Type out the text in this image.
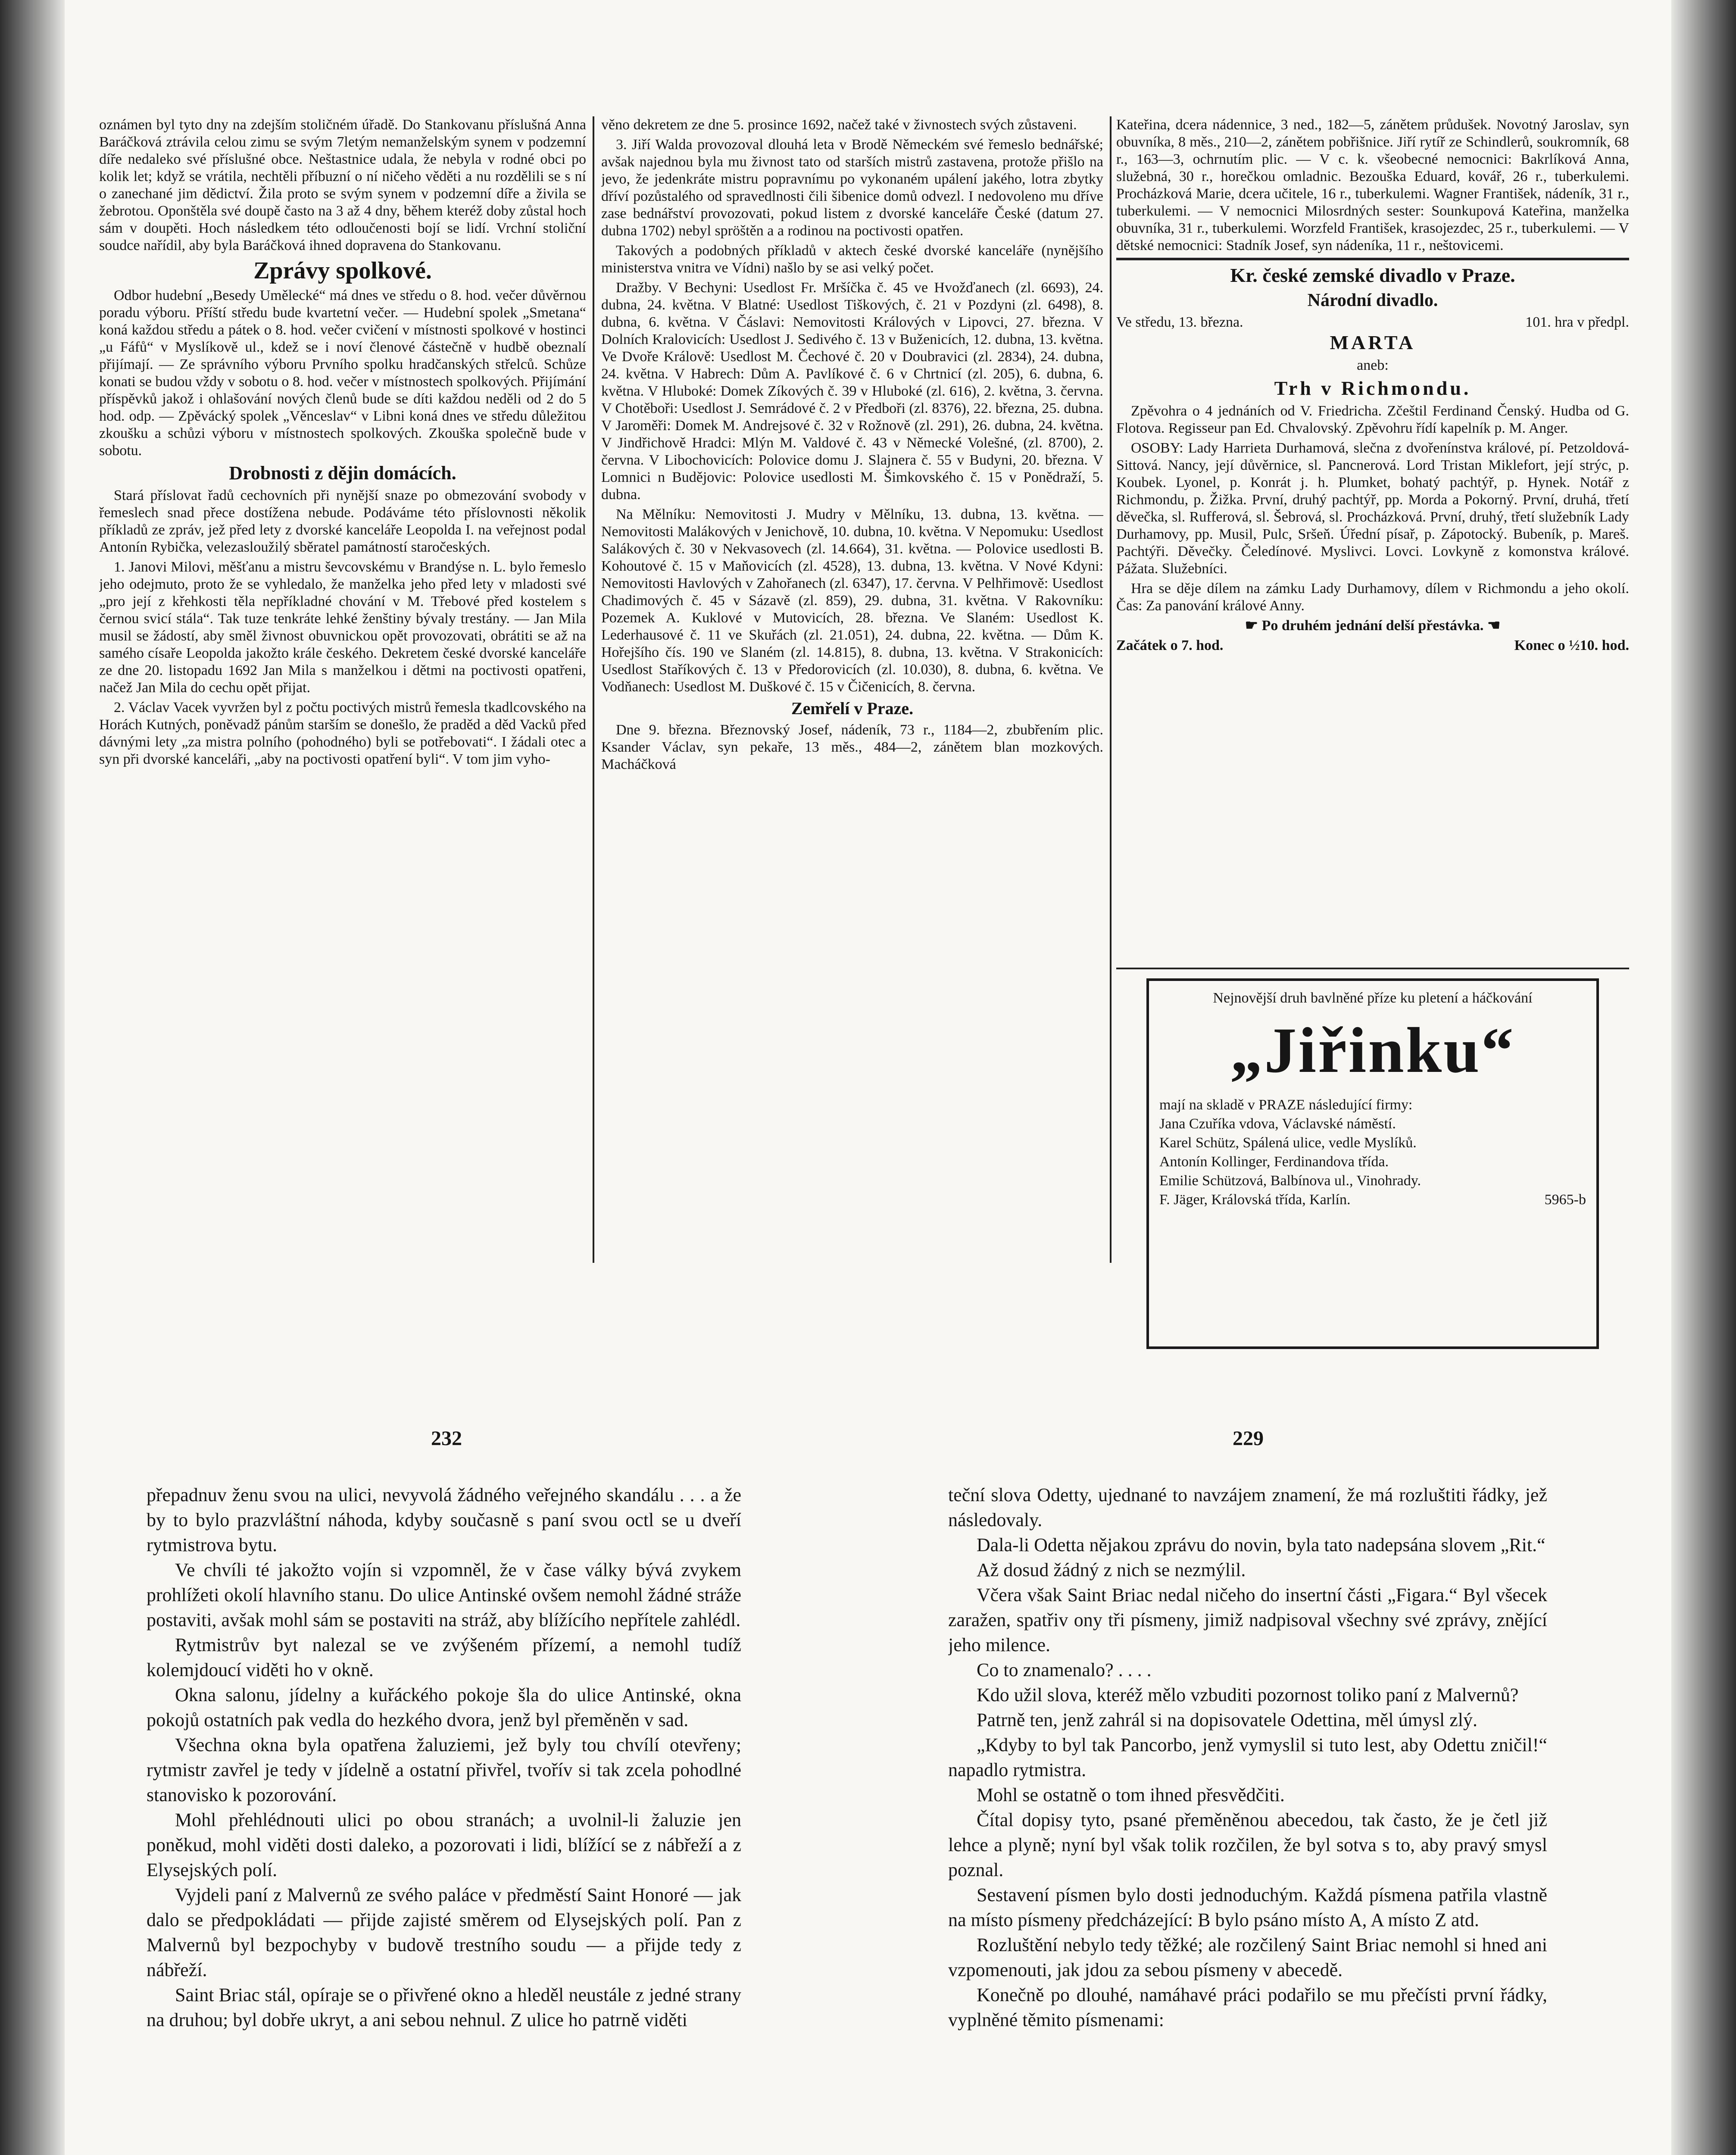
oznámen byl tyto dny na zdejším stoličném úřadě. Do Stankovanu příslušná Anna Baráčková ztrávila celou zimu se svým 7letým nemanželským synem v podzemní díře nedaleko své příslušné obce. Neštastnice udala, že nebyla v rodné obci po kolik let; když se vrátila, nechtěli příbuzní o ní ničeho věděti a nu rozdělili se s ní o zanechané jim dědictví. Žila proto se svým synem v podzemní díře a živila se žebrotou. Oponštěla své doupě často na 3 až 4 dny, během kteréž doby zůstal hoch sám v doupěti. Hoch následkem této odloučenosti bojí se lidí. Vrchní stoliční soudce nařídil, aby byla Baráčková ihned dopravena do Stankovanu.

Zprávy spolkové.

Odbor hudební „Besedy Umělecké“ má dnes ve středu o 8. hod. večer důvěrnou poradu výboru. Příští středu bude kvartetní večer. — Hudební spolek „Smetana“ koná každou středu a pátek o 8. hod. večer cvičení v místnosti spolkové v hostinci „u Fáfů“ v Myslíkově ul., kdež se i noví členové částečně v hudbě obeznalí přijímají. — Ze správního výboru Prvního spolku hradčanských střelců. Schůze konati se budou vždy v sobotu o 8. hod. večer v místnostech spolkových. Přijímání příspěvků jakož i ohlašování nových členů bude se díti každou neděli od 2 do 5 hod. odp. — Zpěvácký spolek „Věnceslav“ v Libni koná dnes ve středu důležitou zkoušku a schůzi výboru v místnostech spolkových. Zkouška společně bude v sobotu.

Drobnosti z dějin domácích.

Stará příslovat řadů cechovních při nynější snaze po obmezování svobody v řemeslech snad přece dostížena nebude. Podáváme této příslovnosti několik příkladů ze zpráv, jež před lety z dvorské kanceláře Leopolda I. na veřejnost podal Antonín Rybička, velezasloužilý sběratel památností staročeských.

1. Janovi Milovi, měšťanu a mistru ševcovskému v Brandýse n. L. bylo řemeslo jeho odejmuto, proto že se vyhledalo, že manželka jeho před lety v mladosti své „pro její z křehkosti těla nepříkladné chování v M. Třebové před kostelem s černou svicí stála“. Tak tuze tenkráte lehké ženštiny bývaly trestány. — Jan Mila musil se žádostí, aby směl živnost obuvnickou opět provozovati, obrátiti se až na samého císaře Leopolda jakožto krále českého. Dekretem české dvorské kanceláře ze dne 20. listopadu 1692 Jan Mila s manželkou i dětmi na poctivosti opatřeni, načež Jan Mila do cechu opět přijat.

2. Václav Vacek vyvržen byl z počtu poctivých mistrů řemesla tkadlcovského na Horách Kutných, poněvadž pánům starším se donešlo, že praděd a děd Vacků před dávnými lety „za mistra polního (pohodného) byli se potřebovati“. I žádali otec a syn při dvorské kanceláři, „aby na poctivosti opatření byli“. V tom jim vyho-

věno dekretem ze dne 5. prosince 1692, načež také v živnostech svých zůstaveni.

3. Jiří Walda provozoval dlouhá leta v Brodě Německém své řemeslo bednářské; avšak najednou byla mu živnost tato od starších mistrů zastavena, protože přišlo na jevo, že jedenkráte mistru popravnímu po vykonaném upálení jakého, lotra zbytky dříví pozůstalého od spravedlnosti čili šibenice domů odvezl. I nedovoleno mu dříve zase bednářství provozovati, pokud listem z dvorské kanceláře České (datum 27. dubna 1702) nebyl spröštěn a a rodinou na poctivosti opatřen.

Takových a podobných příkladů v aktech české dvorské kanceláře (nynějšího ministerstva vnitra ve Vídni) našlo by se asi velký počet.

Dražby. V Bechyni: Usedlost Fr. Mršíčka č. 45 ve Hvožďanech (zl. 6693), 24. dubna, 24. května. V Blatné: Usedlost Tiškových, č. 21 v Pozdyni (zl. 6498), 8. dubna, 6. května. V Čáslavi: Nemovitosti Králových v Lipovci, 27. března. V Dolních Kralovicích: Usedlost J. Sedivého č. 13 v Buženicích, 12. dubna, 13. května. Ve Dvoře Králově: Usedlost M. Čechové č. 20 v Doubravici (zl. 2834), 24. dubna, 24. května. V Habrech: Dům A. Pavlíkové č. 6 v Chrtnicí (zl. 205), 6. dubna, 6. května. V Hluboké: Domek Zíkových č. 39 v Hluboké (zl. 616), 2. května, 3. června. V Chotěboři: Usedlost J. Semrádové č. 2 v Předboři (zl. 8376), 22. března, 25. dubna. V Jaroměři: Domek M. Andrejsové č. 32 v Rožnově (zl. 291), 26. dubna, 24. května. V Jindřichově Hradci: Mlýn M. Valdové č. 43 v Německé Volešné, (zl. 8700), 2. června. V Libochovicích: Polovice domu J. Slajnera č. 55 v Budyni, 20. března. V Lomnici n Budějovic: Polovice usedlosti M. Šimkovského č. 15 v Ponědraží, 5. dubna.

Na Mělníku: Nemovitosti J. Mudry v Mělníku, 13. dubna, 13. května. — Nemovitosti Malákových v Jenichově, 10. dubna, 10. května. V Nepomuku: Usedlost Salákových č. 30 v Nekvasovech (zl. 14.664), 31. května. — Polovice usedlosti B. Kohoutové č. 15 v Maňovicích (zl. 4528), 13. dubna, 13. května. V Nové Kdyni: Nemovitosti Havlových v Zahořanech (zl. 6347), 17. června. V Pelhřimově: Usedlost Chadimových č. 45 v Sázavě (zl. 859), 29. dubna, 31. května. V Rakovníku: Pozemek A. Kuklové v Mutovicích, 28. března. Ve Slaném: Usedlost K. Lederhausové č. 11 ve Skuřách (zl. 21.051), 24. dubna, 22. května. — Dům K. Hořejšího čís. 190 ve Slaném (zl. 14.815), 8. dubna, 13. května. V Strakonicích: Usedlost Staříkových č. 13 v Předorovicích (zl. 10.030), 8. dubna, 6. května. Ve Vodňanech: Usedlost M. Duškové č. 15 v Čičenicích, 8. června.

Zemřelí v Praze.

Dne 9. března. Březnovský Josef, nádeník, 73 r., 1184—2, zbubřením plic. Ksander Václav, syn pekaře, 13 měs., 484—2, zánětem blan mozkových. Macháčková

Kateřina, dcera nádennice, 3 ned., 182—5, zánětem průdušek. Novotný Jaroslav, syn obuvníka, 8 měs., 210—2, zánětem pobřišnice. Jiří rytíř ze Schindlerů, soukromník, 68 r., 163—3, ochrnutím plic. — V c. k. všeobecné nemocnici: Bakrlíková Anna, služebná, 30 r., horečkou omladnic. Bezouška Eduard, kovář, 26 r., tuberkulemi. Procházková Marie, dcera učitele, 16 r., tuberkulemi. Wagner František, nádeník, 31 r., tuberkulemi. — V nemocnici Milosrdných sester: Sounkupová Kateřina, manželka obuvníka, 31 r., tuberkulemi. Worzfeld František, krasojezdec, 25 r., tuberkulemi. — V dětské nemocnici: Stadník Josef, syn nádeníka, 11 r., neštovicemi.

Kr. české zemské divadlo v Praze.

Národní divadlo.

Ve středu, 13. března.	101. hra v předpl.

MARTA

aneb:

Trh v Richmondu.

Zpěvohra o 4 jednáních od V. Friedricha. Zčeštil Ferdinand Čenský. Hudba od G. Flotova. Regisseur pan Ed. Chvalovský. Zpěvohru řídí kapelník p. M. Anger.

OSOBY: Lady Harrieta Durhamová, slečna z dvořenínstva králové, pí. Petzoldová-Sittová. Nancy, její důvěrnice, sl. Pancnerová. Lord Tristan Miklefort, její strýc, p. Koubek. Lyonel, p. Konrát j. h. Plumket, bohatý pachtýř, p. Hynek. Notář z Richmondu, p. Žižka. První, druhý pachtýř, pp. Morda a Pokorný. První, druhá, třetí děvečka, sl. Rufferová, sl. Šebrová, sl. Procházková. První, druhý, třetí služebník Lady Durhamovy, pp. Musil, Pulc, Sršeň. Úřední písař, p. Zápotocký. Bubeník, p. Mareš. Pachtýři. Děvečky. Čeledínové. Myslivci. Lovci. Lovkyně z komonstva králové. Pážata. Služebníci.

Hra se děje dílem na zámku Lady Durhamovy, dílem v Richmondu a jeho okolí. Čas: Za panování králové Anny.

☛ Po druhém jednání delší přestávka. ☚

Začátek o 7. hod.	Konec o ½10. hod.

Nejnovější druh bavlněné příze ku pletení a háčkování

„Jiřinku“

mají na skladě v PRAZE následující firmy:

Jana Czuříka vdova, Václavské náměstí.

Karel Schütz, Spálená ulice, vedle Myslíků.

Antonín Kollinger, Ferdinandova třída.

Emilie Schützová, Balbínova ul., Vinohrady.

F. Jäger, Královská třída, Karlín.	5965-b
232	229

přepadnuv ženu svou na ulici, nevyvolá žádného veřejného skandálu . . . a že by to bylo prazvláštní náhoda, kdyby současně s paní svou octl se u dveří rytmistrova bytu.

Ve chvíli té jakožto vojín si vzpomněl, že v čase války bývá zvykem prohlížeti okolí hlavního stanu. Do ulice Antinské ovšem nemohl žádné stráže postaviti, avšak mohl sám se postaviti na stráž, aby blížícího nepřítele zahlédl.

Rytmistrův byt nalezal se ve zvýšeném přízemí, a nemohl tudíž kolemjdoucí viděti ho v okně.

Okna salonu, jídelny a kuřáckého pokoje šla do ulice Antinské, okna pokojů ostatních pak vedla do hezkého dvora, jenž byl přeměněn v sad.

Všechna okna byla opatřena žaluziemi, jež byly tou chvílí otevřeny; rytmistr zavřel je tedy v jídelně a ostatní přivřel, tvořív si tak zcela pohodlné stanovisko k pozorování.

Mohl přehlédnouti ulici po obou stranách; a uvolnil-li žaluzie jen poněkud, mohl viděti dosti daleko, a pozorovati i lidi, blížící se z nábřeží a z Elysejských polí.

Vyjdeli paní z Malvernů ze svého paláce v předměstí Saint Honoré — jak dalo se předpokládati — přijde zajisté směrem od Elysejských polí. Pan z Malvernů byl bezpochyby v budově trestního soudu — a přijde tedy z nábřeží.

Saint Briac stál, opíraje se o přivřené okno a hleděl neustále z jedné strany na druhou; byl dobře ukryt, a ani sebou nehnul. Z ulice ho patrně viděti

teční slova Odetty, ujednané to navzájem znamení, že má rozluštiti řádky, jež následovaly.

Dala-li Odetta nějakou zprávu do novin, byla tato nadepsána slovem „Rit.“

Až dosud žádný z nich se nezmýlil.

Včera však Saint Briac nedal ničeho do insertní části „Figara.“ Byl všecek zaražen, spatřiv ony tři písmeny, jimiž nadpisoval všechny své zprávy, znějící jeho milence.

Co to znamenalo? . . . .

Kdo užil slova, kteréž mělo vzbuditi pozornost toliko paní z Malvernů?

Patrně ten, jenž zahrál si na dopisovatele Odettina, měl úmysl zlý.

„Kdyby to byl tak Pancorbo, jenž vymyslil si tuto lest, aby Odettu zničil!“ napadlo rytmistra.

Mohl se ostatně o tom ihned přesvědčiti.

Čítal dopisy tyto, psané přeměněnou abecedou, tak často, že je četl již lehce a plyně; nyní byl však tolik rozčilen, že byl sotva s to, aby pravý smysl poznal.

Sestavení písmen bylo dosti jednoduchým. Každá písmena patřila vlastně na místo písmeny předcházející: B bylo psáno místo A, A místo Z atd.

Rozluštění nebylo tedy těžké; ale rozčilený Saint Briac nemohl si hned ani vzpomenouti, jak jdou za sebou písmeny v abecedě.

Konečně po dlouhé, namáhavé práci podařilo se mu přečísti první řádky, vyplněné těmito písmenami:
